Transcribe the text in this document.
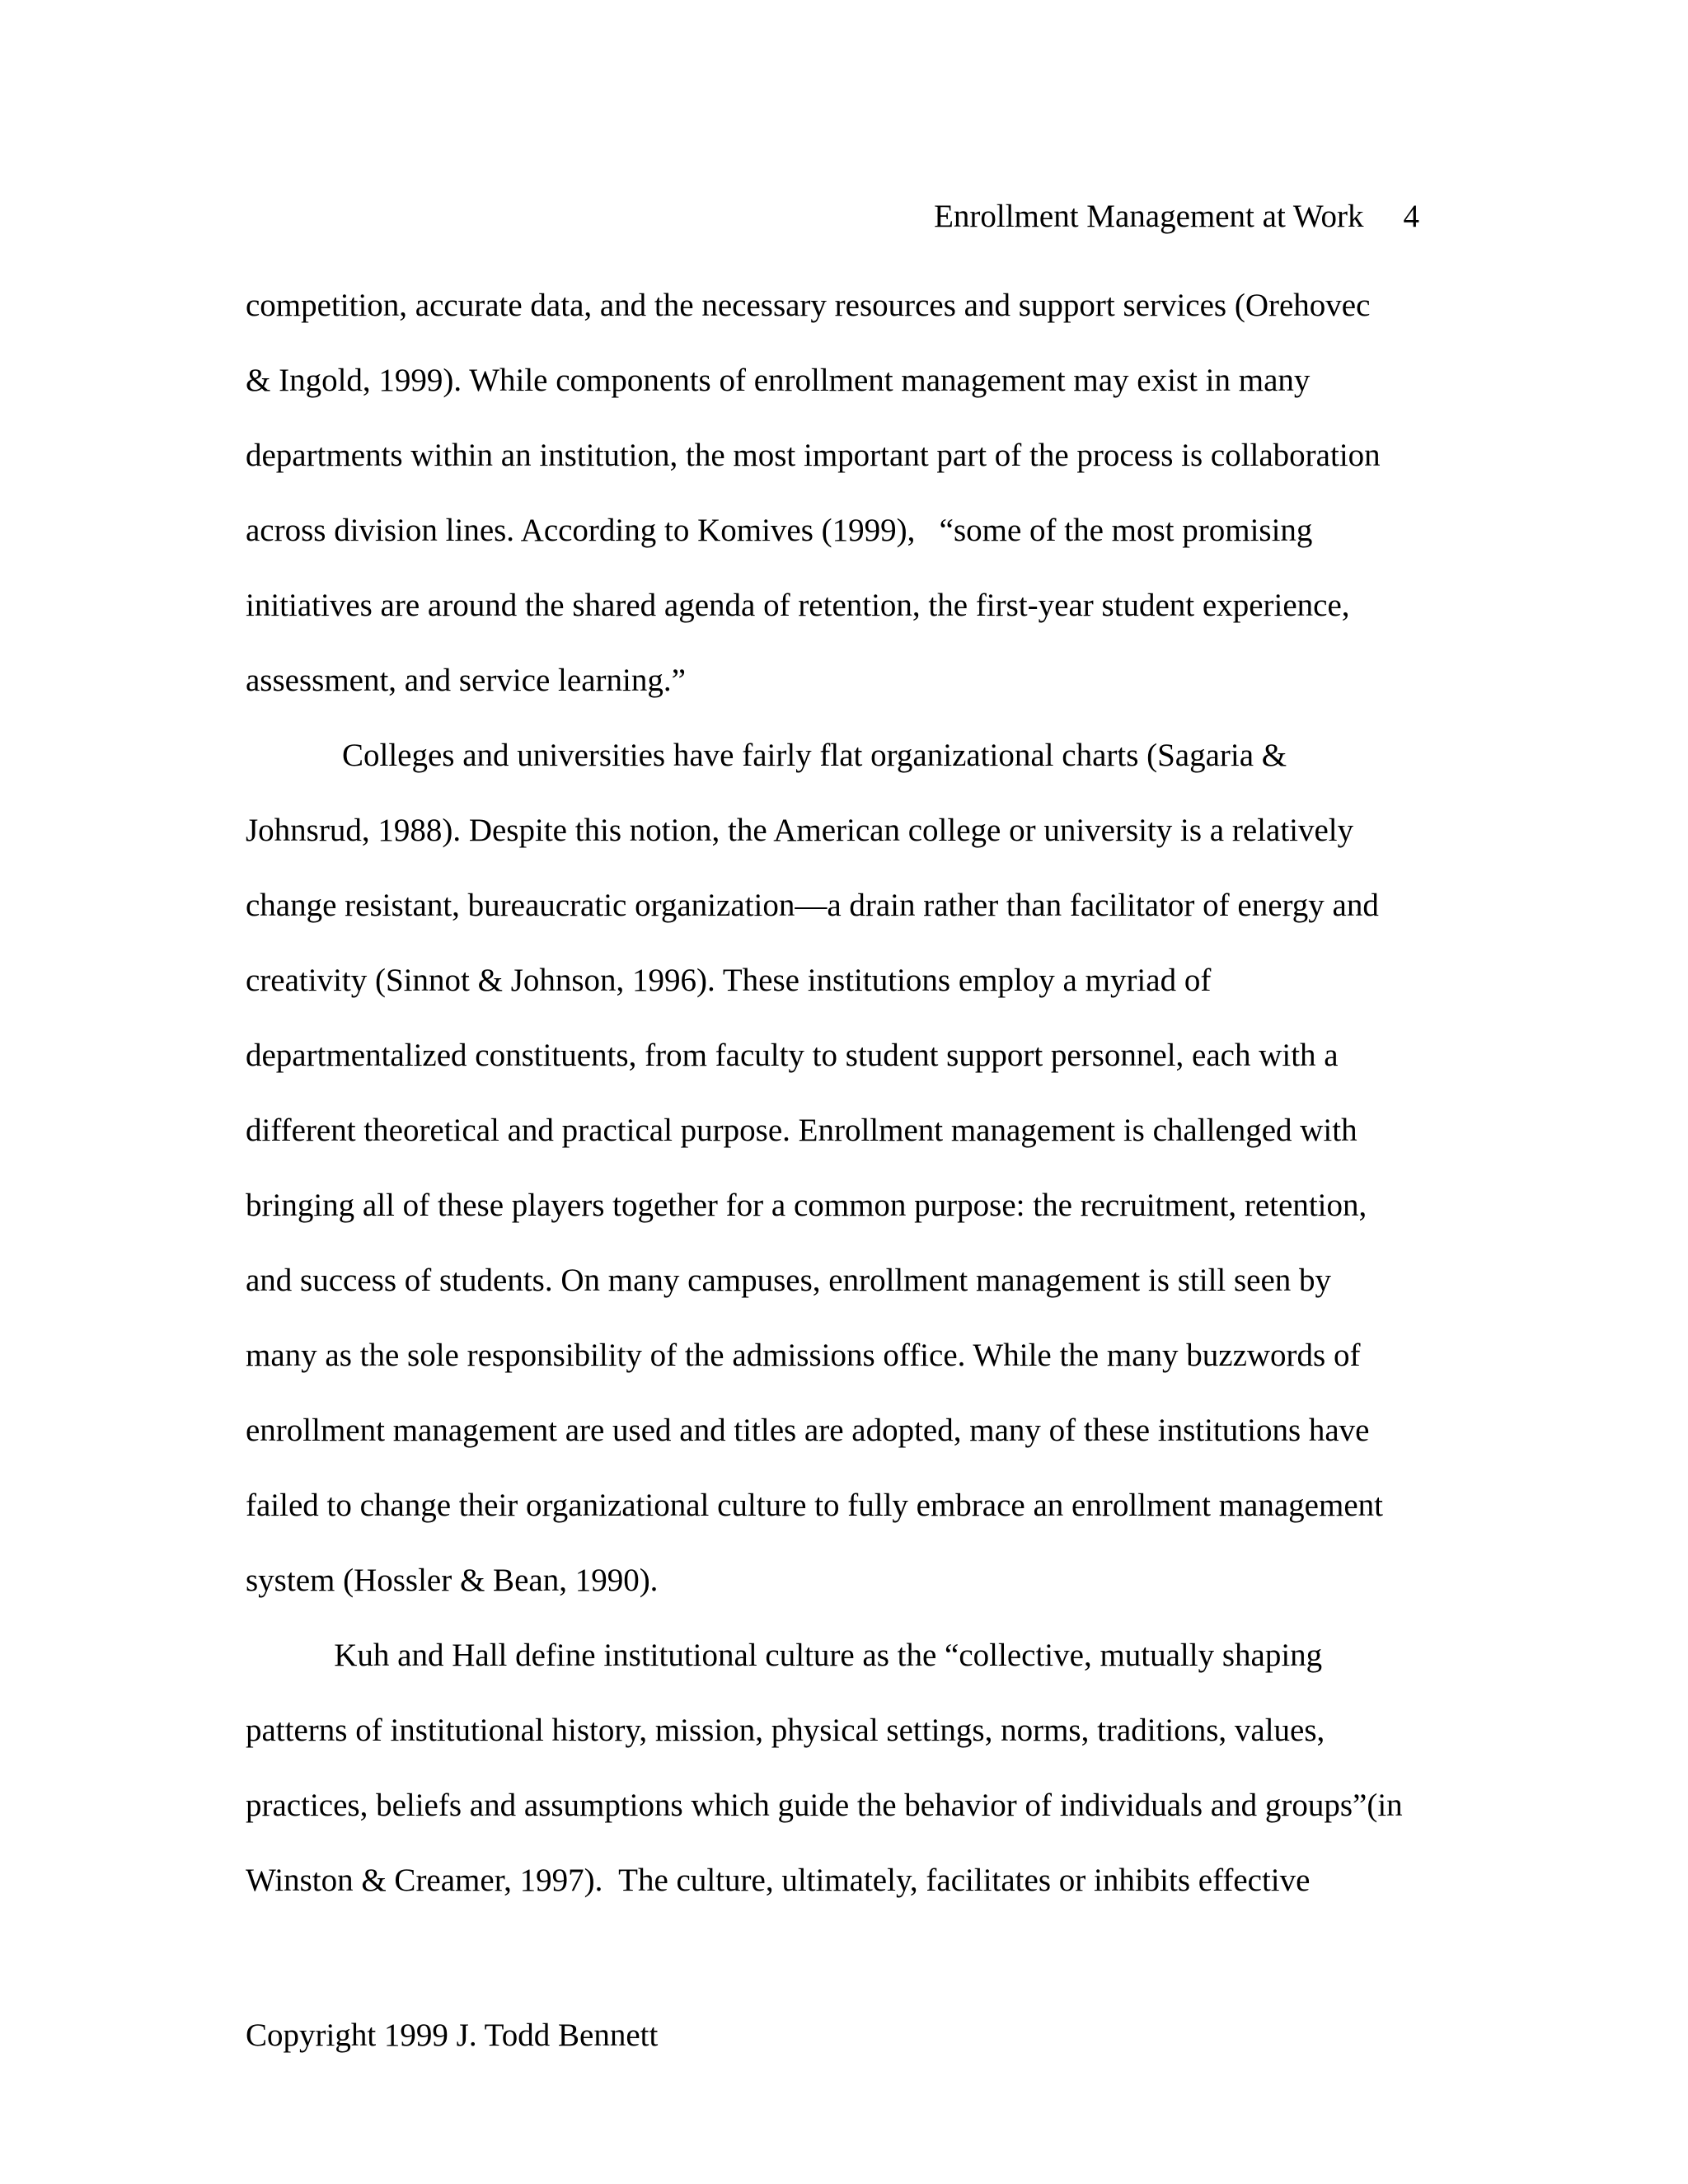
Enrollment Management at Work 4
competition, accurate data, and the necessary resources and support services (Orehovec
& Ingold, 1999). While components of enrollment management may exist in many
departments within an institution, the most important part of the process is collaboration
across division lines. According to Komives (1999),   “some of the most promising
initiatives are around the shared agenda of retention, the first-year student experience,
assessment, and service learning.”
Colleges and universities have fairly flat organizational charts (Sagaria &
Johnsrud, 1988). Despite this notion, the American college or university is a relatively
change resistant, bureaucratic organization—a drain rather than facilitator of energy and
creativity (Sinnot & Johnson, 1996). These institutions employ a myriad of
departmentalized constituents, from faculty to student support personnel, each with a
different theoretical and practical purpose. Enrollment management is challenged with
bringing all of these players together for a common purpose: the recruitment, retention,
and success of students. On many campuses, enrollment management is still seen by
many as the sole responsibility of the admissions office. While the many buzzwords of
enrollment management are used and titles are adopted, many of these institutions have
failed to change their organizational culture to fully embrace an enrollment management
system (Hossler & Bean, 1990).
Kuh and Hall define institutional culture as the “collective, mutually shaping
patterns of institutional history, mission, physical settings, norms, traditions, values,
practices, beliefs and assumptions which guide the behavior of individuals and groups”(in
Winston & Creamer, 1997).  The culture, ultimately, facilitates or inhibits effective
Copyright 1999 J. Todd Bennett
